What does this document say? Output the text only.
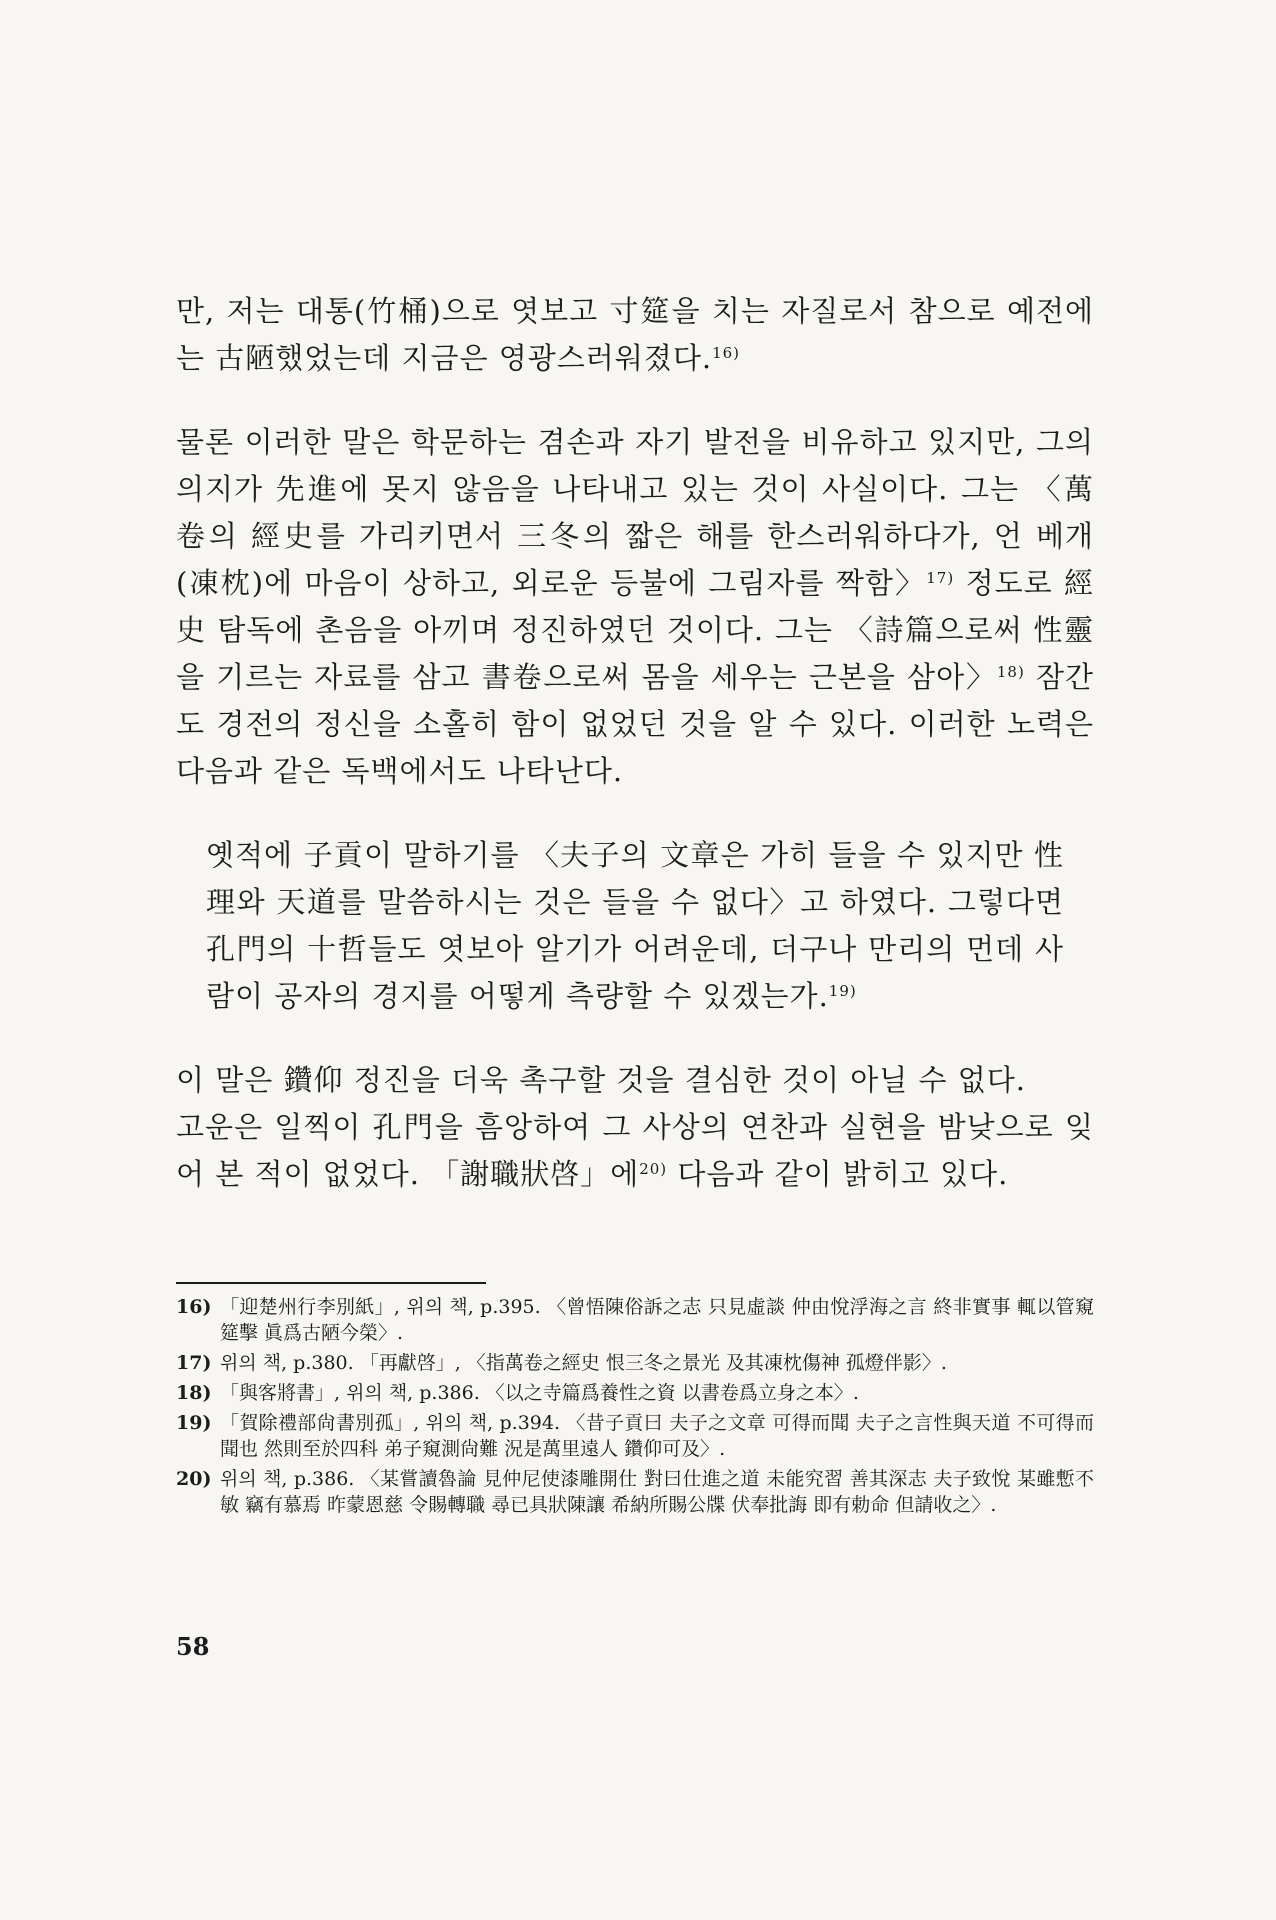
만, 저는 대통(竹桶)으로 엿보고 寸筵을 치는 자질로서 참으로 예전에는 古陋했었는데 지금은 영광스러워졌다.$^{16)}$

물론 이러한 말은 학문하는 겸손과 자기 발전을 비유하고 있지만, 그의 의지가 先進에 못지 않음을 나타내고 있는 것이 사실이다. 그는 〈萬卷의 經史를 가리키면서 三冬의 짧은 해를 한스러워하다가, 언 베개(凍枕)에 마음이 상하고, 외로운 등불에 그림자를 짝함〉$^{17)}$ 정도로 經史 탐독에 촌음을 아끼며 정진하였던 것이다. 그는 〈詩篇으로써 性靈을 기르는 자료를 삼고 書卷으로써 몸을 세우는 근본을 삼아〉$^{18)}$ 잠간도 경전의 정신을 소홀히 함이 없었던 것을 알 수 있다. 이러한 노력은 다음과 같은 독백에서도 나타난다.

옛적에 子貢이 말하기를 〈夫子의 文章은 가히 들을 수 있지만 性理와 天道를 말씀하시는 것은 들을 수 없다〉고 하였다. 그렇다면 孔門의 十哲들도 엿보아 알기가 어려운데, 더구나 만리의 먼데 사람이 공자의 경지를 어떻게 측량할 수 있겠는가.$^{19)}$

이 말은 鑽仰 정진을 더욱 촉구할 것을 결심한 것이 아닐 수 없다.

고운은 일찍이 孔門을 흠앙하여 그 사상의 연찬과 실현을 밤낮으로 잊어 본 적이 없었다. 「謝職狀啓」에$^{20)}$ 다음과 같이 밝히고 있다.

16) 「迎楚州行李別紙」, 위의 책, p.395. 〈曾悟陳俗訴之志 只見虛談 仲由悅浮海之言 終非實事 輒以管窺筵擊 眞爲古陋今榮〉.
17) 위의 책, p.380. 「再獻啓」, 〈指萬卷之經史 恨三冬之景光 及其凍枕傷神 孤燈伴影〉.
18) 「與客將書」, 위의 책, p.386. 〈以之寺篇爲養性之資 以書卷爲立身之本〉.
19) 「賀除禮部尙書別孤」, 위의 책, p.394. 〈昔子貢曰 夫子之文章 可得而聞 夫子之言性與天道 不可得而聞也 然則至於四科 弟子窺測尙難 況是萬里遠人 鑽仰可及〉.
20) 위의 책, p.386. 〈某嘗讀魯論 見仲尼使漆雕開仕 對曰仕進之道 未能究習 善其深志 夫子致悅 某雖慙不敏 竊有慕焉 昨蒙恩慈 令賜轉職 尋已具狀陳讓 希納所賜公牒 伏奉批誨 即有勅命 但請收之〉.
58
